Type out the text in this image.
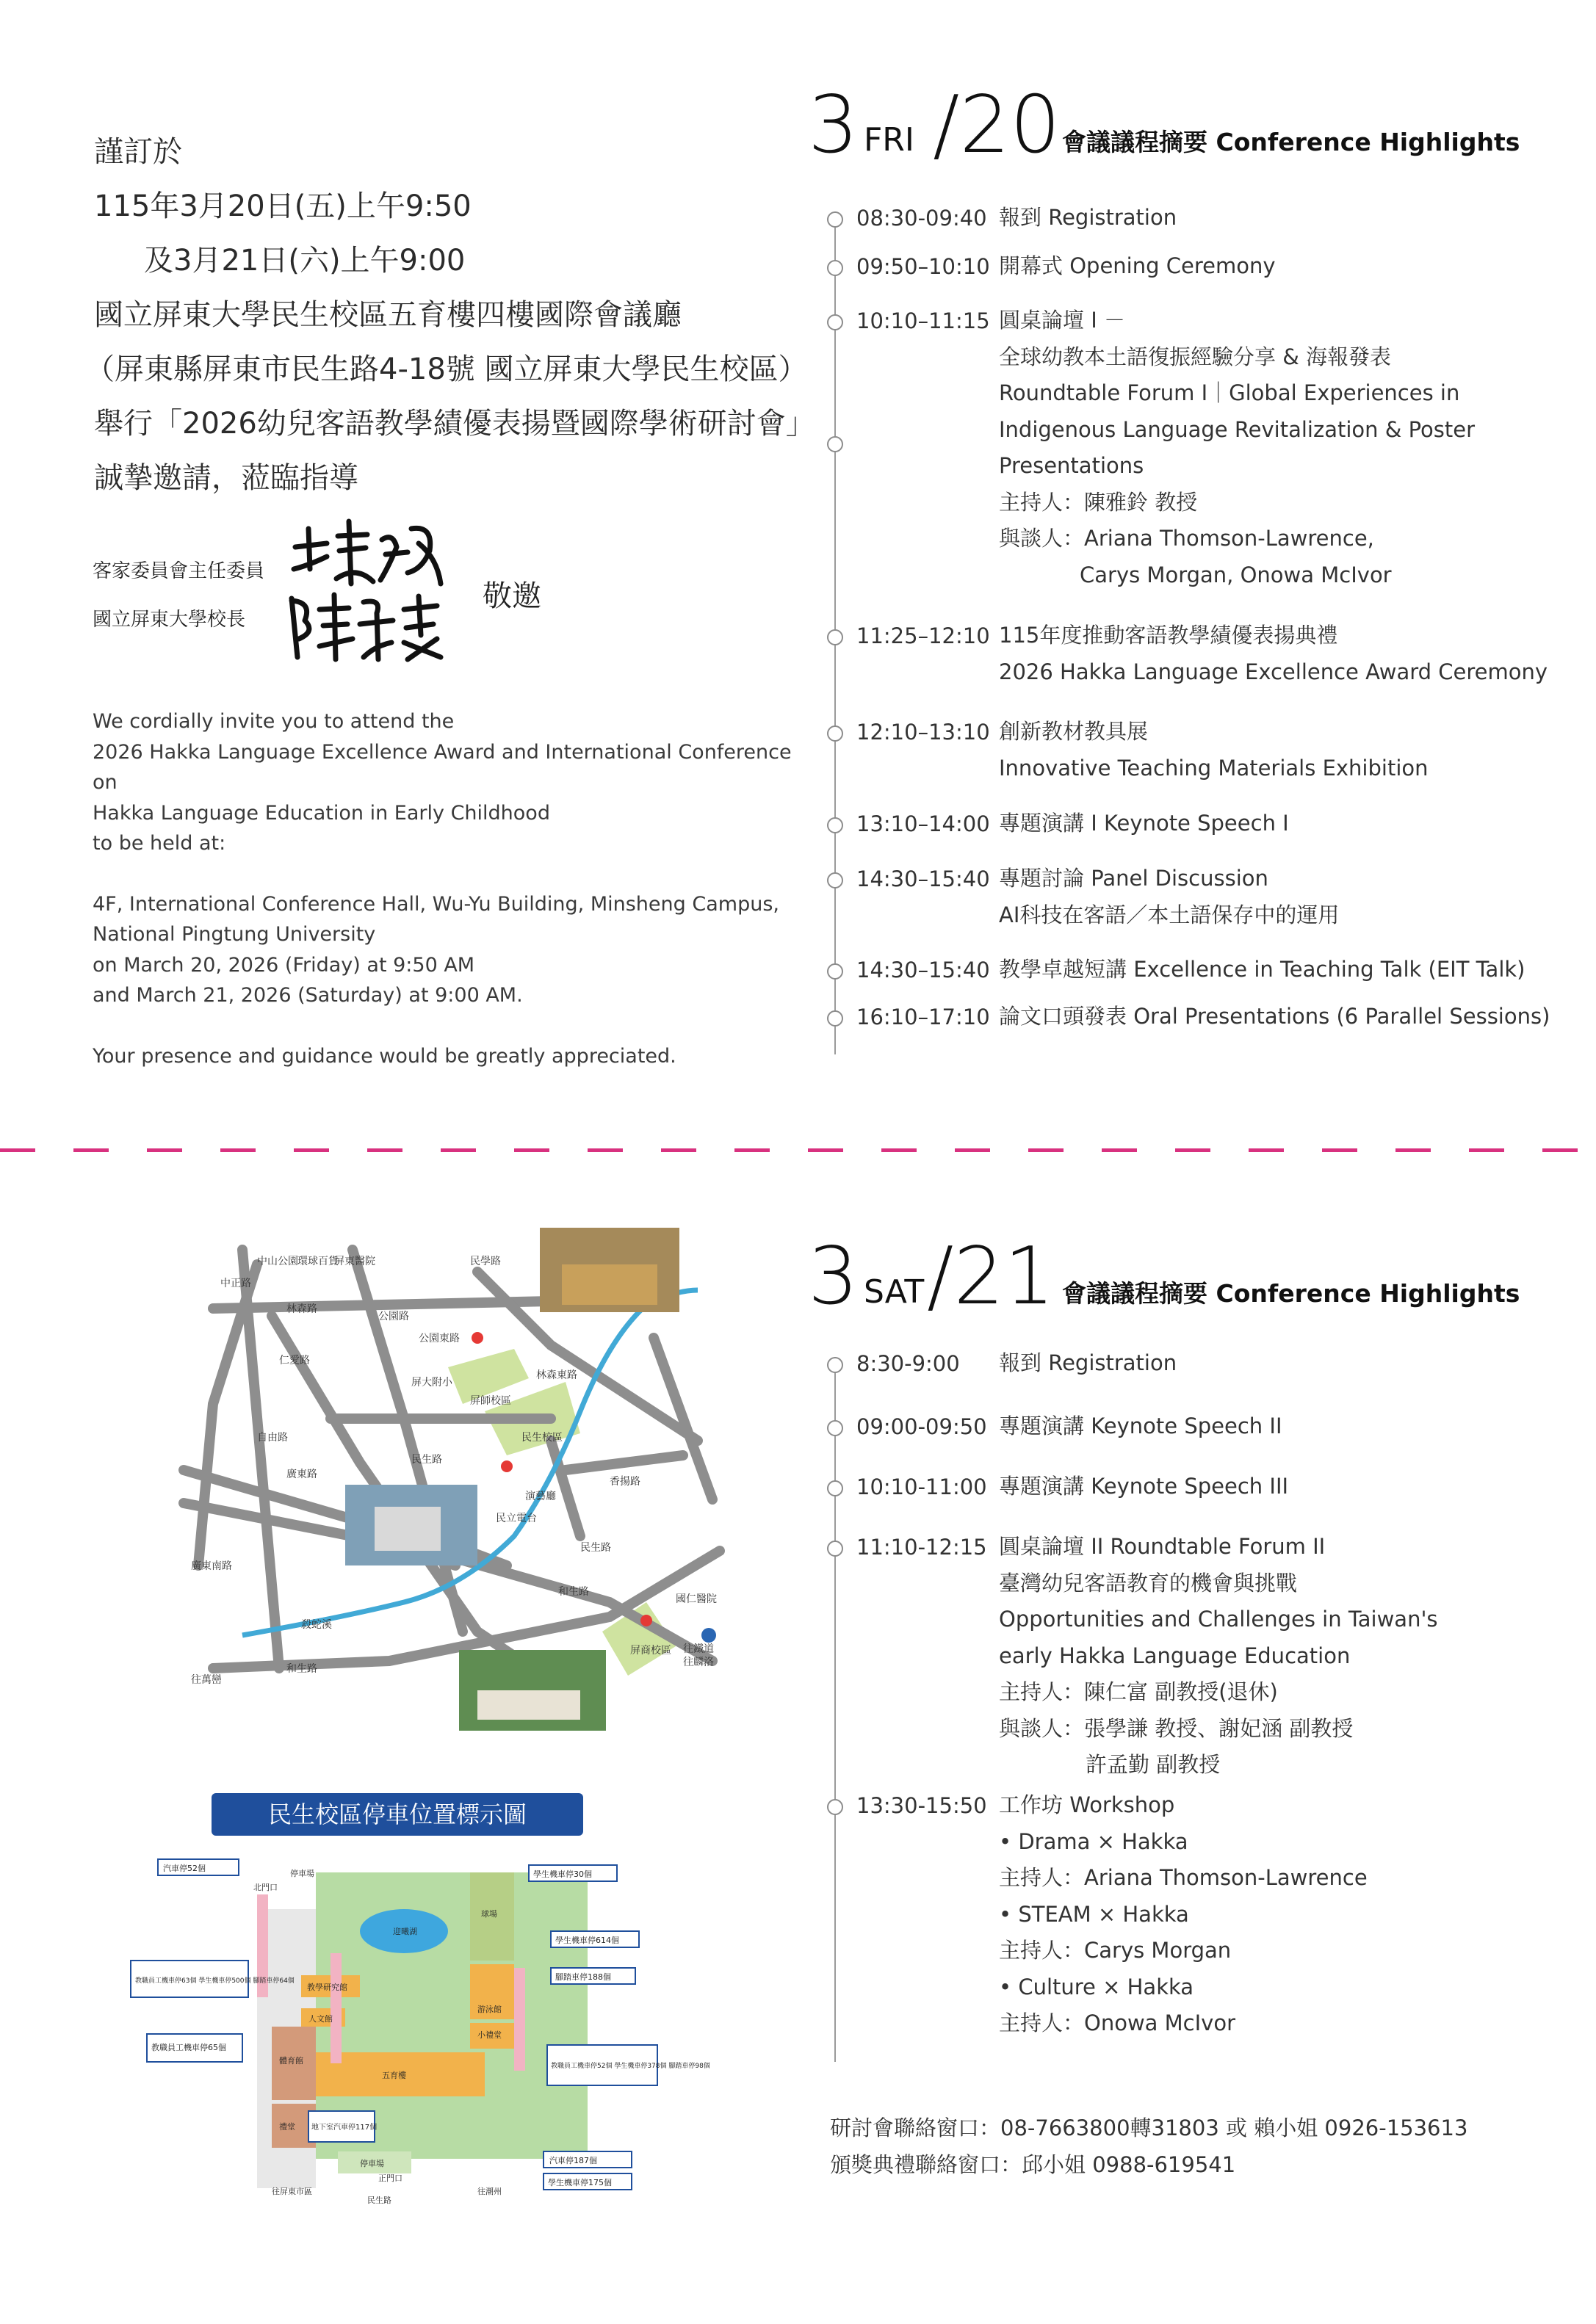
謹訂於
115年3月20日(五)上午9:50
及3月21日(六)上午9:00
國立屏東大學民生校區五育樓四樓國際會議廳
（屏東縣屏東市民生路4-18號 國立屏東大學民生校區）
舉行「2026幼兒客語教學績優表揚暨國際學術研討會」
誠摯邀請，蒞臨指導
客家委員會主任委員
國立屏東大學校長
敬邀
We cordially invite you to attend the
2026 Hakka Language Excellence Award and International Conference on
Hakka Language Education in Early Childhood
to be held at:
4F, International Conference Hall, Wu-Yu Building, Minsheng Campus,
National Pingtung University
on March 20, 2026 (Friday) at 9:50 AM
and March 21, 2026 (Saturday) at 9:00 AM.
Your presence and guidance would be greatly appreciated.
3 FRI /20 會議議程摘要 Conference Highlights
08:30-09:40 報到 Registration
09:50–10:10 開幕式 Opening Ceremony
10:10–11:15 圓桌論壇 I －
全球幼教本土語復振經驗分享 & 海報發表
Roundtable Forum I｜Global Experiences in
Indigenous Language Revitalization & Poster
Presentations
主持人：陳雅鈴 教授
與談人：Ariana Thomson-Lawrence,
Carys Morgan, Onowa McIvor
11:25–12:10 115年度推動客語教學績優表揚典禮
2026 Hakka Language Excellence Award Ceremony
12:10–13:10 創新教材教具展
Innovative Teaching Materials Exhibition
13:10–14:00 專題演講 I Keynote Speech I
14:30–15:40 專題討論 Panel Discussion
AI科技在客語／本土語保存中的運用
14:30–15:40 教學卓越短講 Excellence in Teaching Talk (EIT Talk)
16:10–17:10 論文口頭發表 Oral Presentations (6 Parallel Sessions)
3 SAT /21 會議議程摘要 Conference Highlights
8:30-9:00 報到 Registration
09:00-09:50 專題演講 Keynote Speech II
10:10-11:00 專題演講 Keynote Speech III
11:10-12:15 圓桌論壇 II Roundtable Forum II
臺灣幼兒客語教育的機會與挑戰
Opportunities and Challenges in Taiwan's
early Hakka Language Education
主持人：陳仁富 副教授(退休)
與談人：張學謙 教授、謝妃涵 副教授
許孟勤 副教授
13:30-15:50 工作坊 Workshop
• Drama × Hakka
主持人：Ariana Thomson-Lawrence
• STEAM × Hakka
主持人：Carys Morgan
• Culture × Hakka
主持人：Onowa McIvor
研討會聯絡窗口：08-7663800轉31803 或 賴小姐 0926-153613
頒獎典禮聯絡窗口：邱小姐 0988-619541
中山公園 環球百貨
屏東醫院
林森路
公園路
民學路
中正路
仁愛路
自由路
廣東路
公園東路
林森東路
屏大附小
屏師校區
民生校區
民生路
演藝廳
民立電台
香揚路
民生路
和生路
國仁醫院
屏商校區 往鐵道
往麟洛
殺蛇溪
往萬巒
和生路
廣東南路
民生校區停車位置標示圖
汽車停52個
學生機車停30個
球場
北門口
停車場
學生機車停614個
迎曦湖
教職員工機車停63個 學生機車停500個 腳踏車停64個	腳踏車停188個
教學研究館
人文館
教職員工機車停65個
體育館
小禮堂
游泳館
禮堂
五育樓
教職員工機車停52個 學生機車停378個 腳踏車停98個
地下室汽車停117個
停車場	汽車停187個
往屏東市區
民生路
正門口
往潮州
學生機車停175個
